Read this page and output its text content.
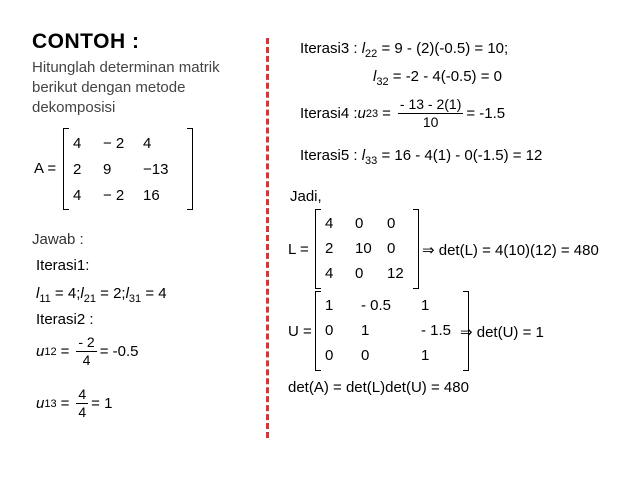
CONTOH :
Hitunglah determinan matrik berikut dengan metode dekomposisi
A =
4	− 2	4
2	9	−13
4	− 2	16
Jawab :
Iterasi1:
$l_{11}$ = $4;l_{21}$ = $2;l_{31} = 4$
Iterasi2 :
u $12 = \frac{- 2}{4} = -0.5$
u $13 = \frac{4}{4} = 1$
Iterasi3 : $l_{22} = 9 - (2)(-0.5) = 10$;
$l_{32} = -2 - 4(-0.5) = 0$
Iterasi4 : u $23 = \frac{- 13 - 2(1)}{10} = -1.5$
Iterasi5 : $l_{33} = 16 - 4(1) - 0(-1.5) = 12$
Jadi,
L =
4	0	0
2	10	0
4	0	12
⇒ det(L) = 4(10)(12) = 480
U =
1	- 0.5	1
0	1	- 1.5
0	0	1
⇒ det(U) = 1
det(A) = det(L)det(U) = 480
